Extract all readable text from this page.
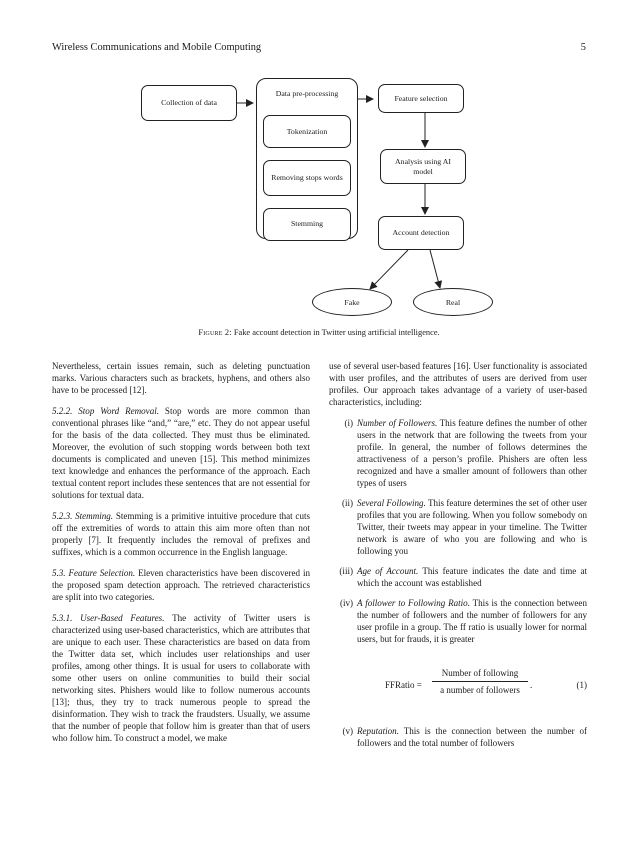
Wireless Communications and Mobile Computing	5
Collection of data
Data pre-processing
Tokenization
Removing stops words
Stemming
Feature selection
Analysis using AI model
Account detection
Fake	Real
Figure 2: Fake account detection in Twitter using artificial intelligence.

Nevertheless, certain issues remain, such as deleting punctuation marks. Various characters such as brackets, hyphens, and others also have to be processed [12].

5.2.2. Stop Word Removal. Stop words are more common than conventional phrases like “and,” “are,” etc. They do not appear useful for the basis of the data collected. They must thus be eliminated. Moreover, the evolution of such stopping words between both text documents is complicated and uneven [15]. This method minimizes text knowledge and enhances the performance of the approach. Each textual content report includes these sentences that are not essential for solutions for textual data.

5.2.3. Stemming. Stemming is a primitive intuitive procedure that cuts off the extremities of words to attain this aim more often than not properly [7]. It frequently includes the removal of prefixes and suffixes, which is a common occurrence in the English language.

5.3. Feature Selection. Eleven characteristics have been discovered in the proposed spam detection approach. The retrieved characteristics are split into two categories.

5.3.1. User-Based Features. The activity of Twitter users is characterized using user-based characteristics, which are attributes that are unique to each user. These characteristics are based on data from the Twitter data set, which includes user relationships and user profiles, among other things. It is usual for users to collaborate with some other users on online communities to build their social networking sites. Phishers would like to follow numerous accounts [13]; thus, they try to track numerous people to spread the disinformation. They wish to track the fraudsters. Usually, we assume that the number of people that follow him is greater than that of users who follow him. To construct a model, we make

use of several user-based features [16]. User functionality is associated with user profiles, and the attributes of users are derived from user profiles. Our approach takes advantage of a variety of user-based characteristics, including:

(i) Number of Followers. This feature defines the number of other users in the network that are following the tweets from your profile. In general, the number of follows determines the attractiveness of a person’s profile. Phishers are often less recognized and have a smaller amount of followers than other types of users
(ii) Several Following. This feature determines the set of other user profiles that you are following. When you follow somebody on Twitter, their tweets may appear in your timeline. The Twitter network is aware of who you are following and who is following you
(iii) Age of Account. This feature indicates the date and time at which the account was established
(iv) A follower to Following Ratio. This is the connection between the number of followers and the number of followers for any user profile in a group. The ff ratio is usually lower for normal users, but for frauds, it is greater
FFRatio =
Number of following
a number of followers	.	(1)
(v) Reputation. This is the connection between the number of followers and the total number of followers
